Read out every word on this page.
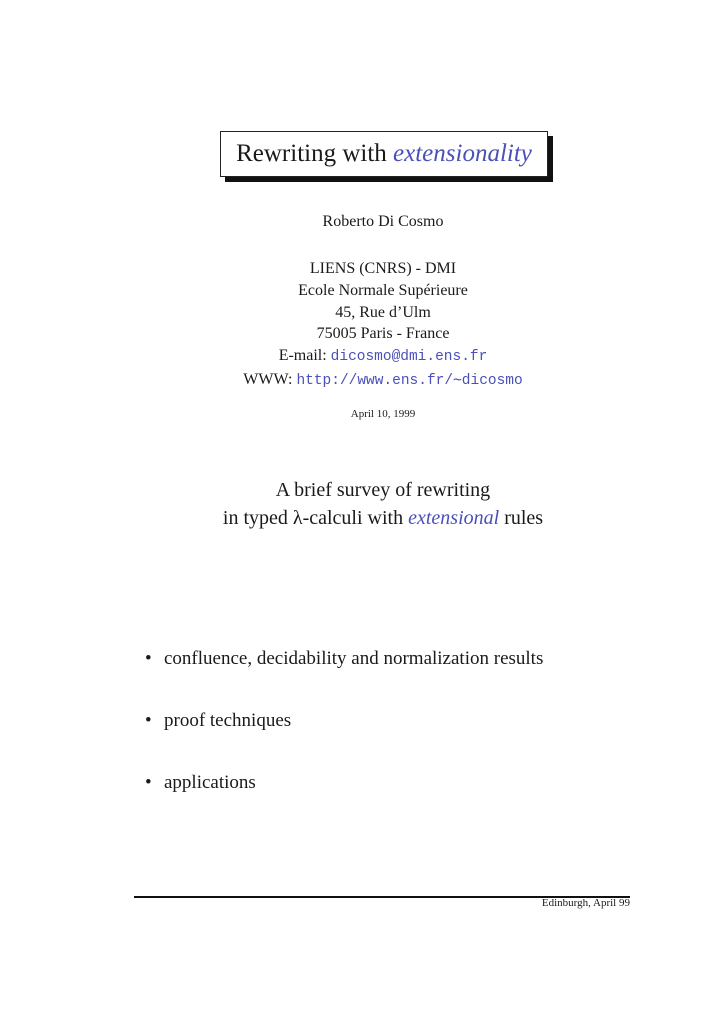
Rewriting with extensionality
Roberto Di Cosmo
LIENS (CNRS) - DMI
Ecole Normale Supérieure
45, Rue d’Ulm
75005 Paris - France
E-mail: dicosmo@dmi.ens.fr
WWW: http://www.ens.fr/∼dicosmo
April 10, 1999
A brief survey of rewriting
in typed λ-calculi with extensional rules
• confluence, decidability and normalization results
• proof techniques
• applications
Edinburgh, April 99
